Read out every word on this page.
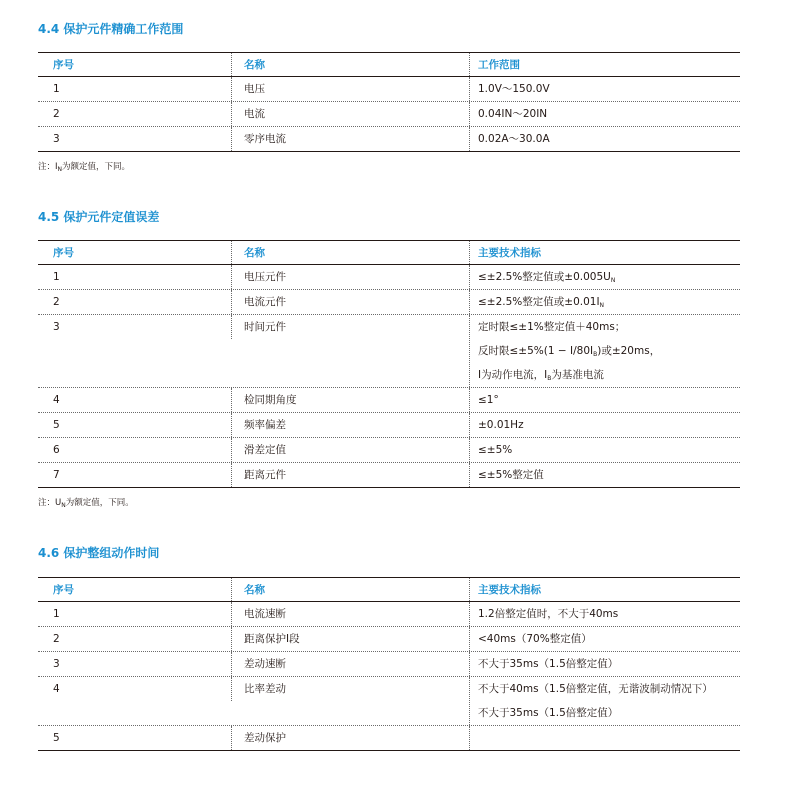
4.4 保护元件精确工作范围
序号	名称	工作范围
1	电压	1.0V～150.0V
2	电流	0.04IN～20IN
3	零序电流	0.02A～30.0A
注：$I_N$为额定值，下同。
4.5 保护元件定值误差
序号	名称	主要技术指标
1	电压元件	≤±2.5%整定值或$\pm 0.005U_N$
2	电流元件	≤±2.5%整定值或$\pm 0.01I_N$
3	时间元件	定时限≤±1%整定值＋40ms；
反时限$\le\pm 5\%(1 - I/80I_B)$或±20ms，
I为动作电流，$I_B$为基准电流
4	检同期角度	≤1°
5	频率偏差	±0.01Hz
6	滑差定值	≤±5%
7	距离元件	≤±5%整定值
注：$U_N$为额定值，下同。
4.6 保护整组动作时间
序号	名称	主要技术指标
1	电流速断	1.2倍整定值时，不大于40ms
2	距离保护Ⅰ段	<40ms（70%整定值）
3	差动速断	不大于35ms（1.5倍整定值）
4	比率差动	不大于40ms（1.5倍整定值，无谐波制动情况下）
不大于35ms（1.5倍整定值）
5	差动保护
